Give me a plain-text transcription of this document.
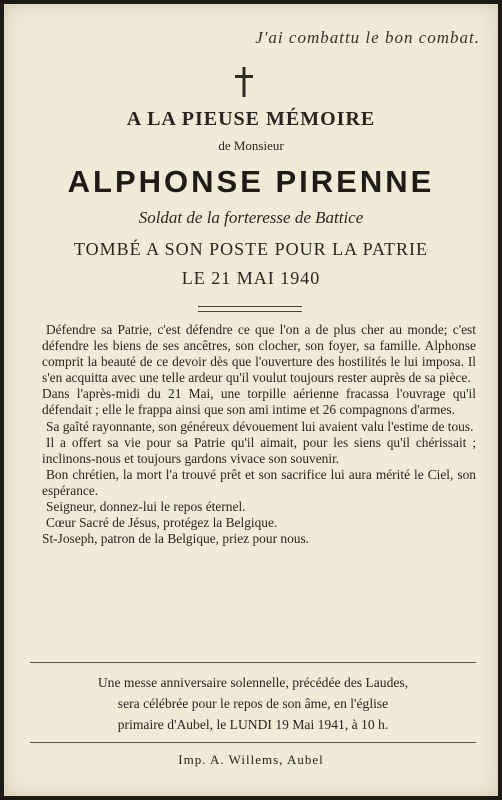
J'ai combattu le bon combat.
A LA PIEUSE MÉMOIRE
de Monsieur
ALPHONSE PIRENNE
Soldat de la forteresse de Battice
TOMBÉ A SON POSTE POUR LA PATRIE
LE 21 MAI 1940

Défendre sa Patrie, c'est défendre ce que l'on a de plus cher au monde; c'est défendre les biens de ses ancêtres, son clocher, son foyer, sa famille. Alphonse comprit la beauté de ce devoir dès que l'ouverture des hostilités le lui imposa. Il s'en acquitta avec une telle ardeur qu'il voulut toujours rester auprès de sa pièce.

Dans l'après-midi du 21 Mai, une torpille aérienne fracassa l'ouvrage qu'il défendait ; elle le frappa ainsi que son ami intime et 26 compagnons d'armes.

Sa gaîté rayonnante, son généreux dévouement lui avaient valu l'estime de tous.

Il a offert sa vie pour sa Patrie qu'il aimait, pour les siens qu'il chérissait ; inclinons-nous et toujours gardons vivace son souvenir.

Bon chrétien, la mort l'a trouvé prêt et son sacrifice lui aura mérité le Ciel, son espérance.

Seigneur, donnez-lui le repos éternel.

Cœur Sacré de Jésus, protégez la Belgique.

St-Joseph, patron de la Belgique, priez pour nous.

Une messe anniversaire solennelle, précédée des Laudes,

sera célébrée pour le repos de son âme, en l'église

primaire d'Aubel, le LUNDI 19 Mai 1941, à 10 h.

Imp. A. Willems, Aubel
